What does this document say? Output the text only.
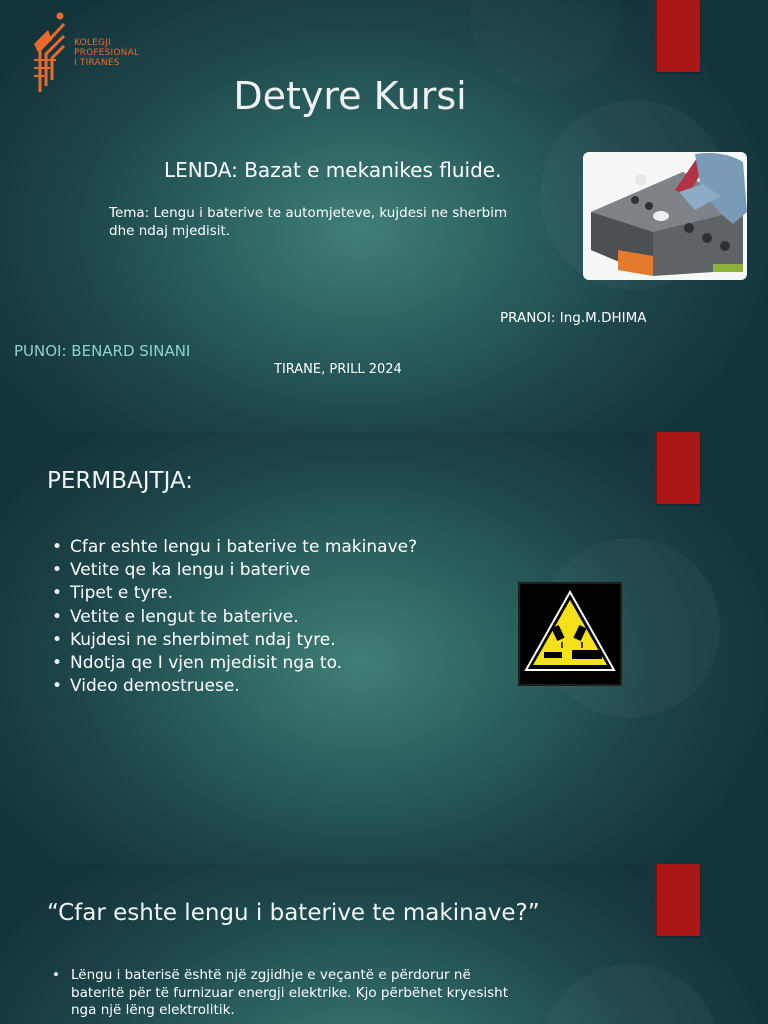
KOLEGJI
PROFESIONAL
I TIRANES
Detyre Kursi
LENDA: Bazat e mekanikes fluide.
Tema: Lengu i baterive te automjeteve, kujdesi ne sherbim dhe ndaj mjedisit.
PRANOI: Ing.M.DHIMA
PUNOI: BENARD SINANI
TIRANE, PRILL 2024
PERMBAJTJA:
• Cfar eshte lengu i baterive te makinave?
• Vetite qe ka lengu i baterive
• Tipet e tyre.
• Vetite e lengut te baterive.
• Kujdesi ne sherbimet ndaj tyre.
• Ndotja qe I vjen mjedisit nga to.
• Video demostruese.
“Cfar eshte lengu i baterive te makinave?”
• Lëngu i baterisë është një zgjidhje e veçantë e përdorur në bateritë për të furnizuar energji elektrike. Kjo përbëhet kryesisht nga një lëng elektrolitik.
